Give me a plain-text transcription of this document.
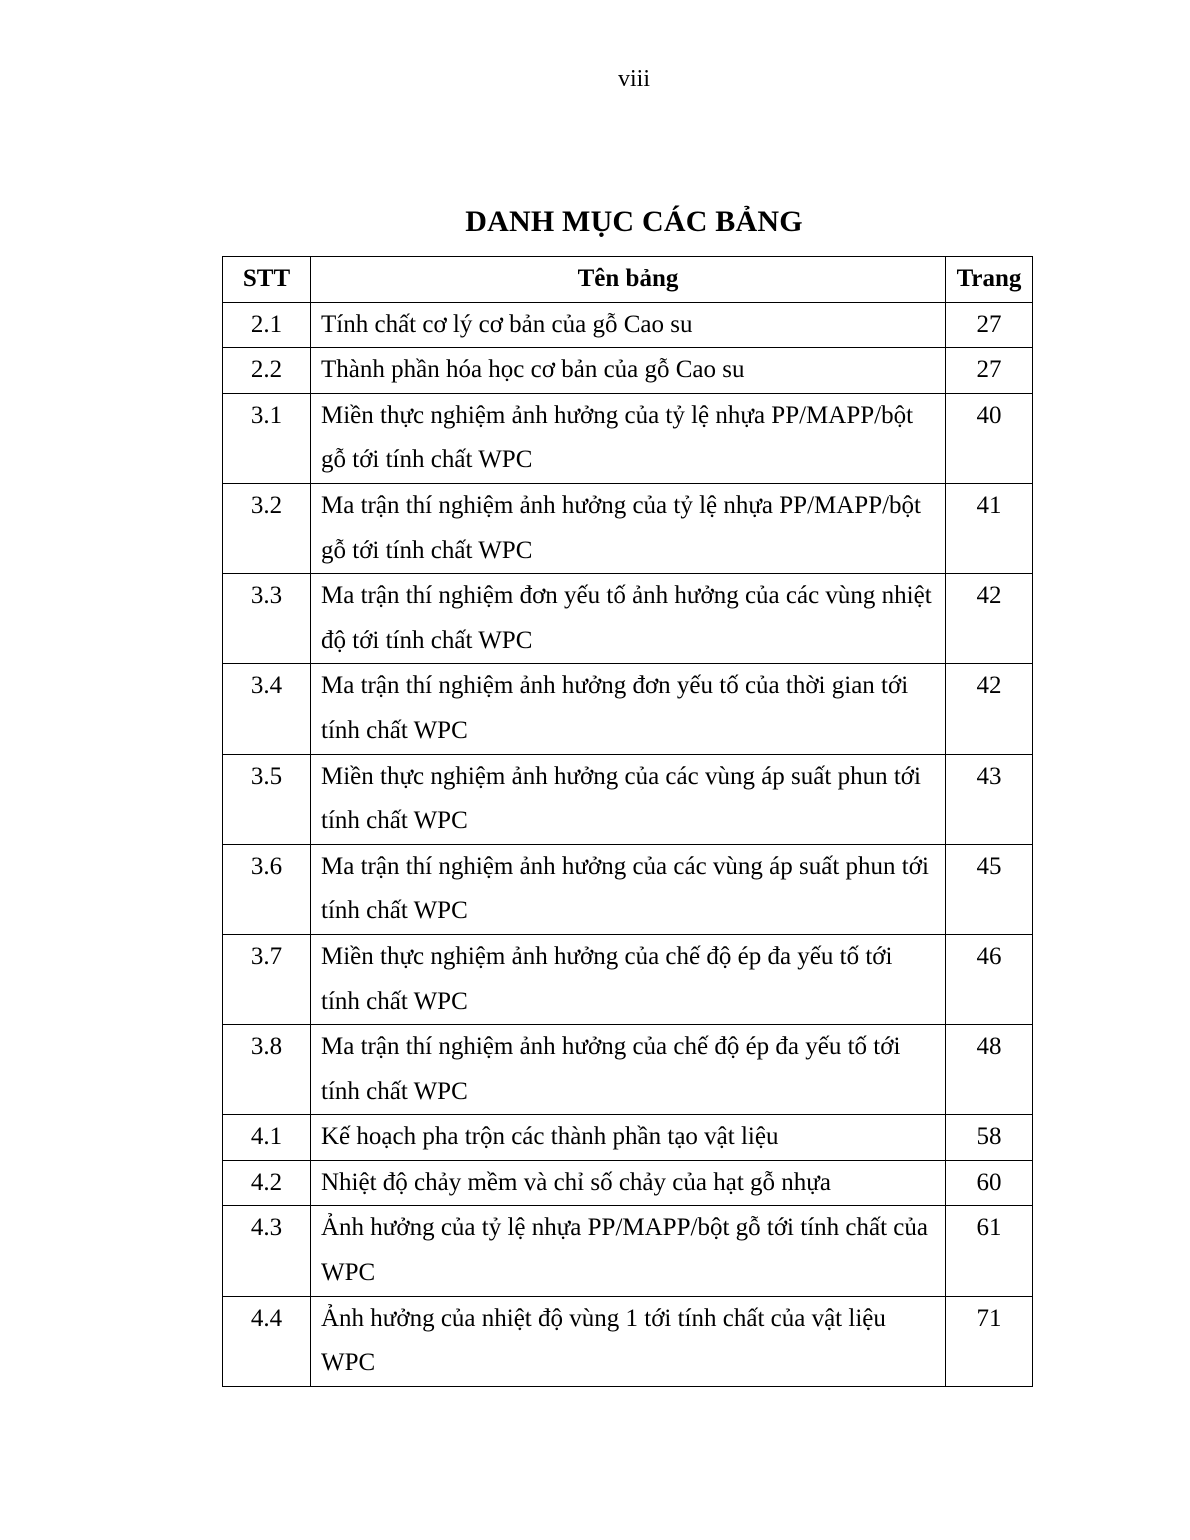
viii
DANH MỤC CÁC BẢNG
STT	Tên bảng	Trang
2.1	Tính chất cơ lý cơ bản của gỗ Cao su	27
2.2	Thành phần hóa học cơ bản của gỗ Cao su	27
3.1	Miền thực nghiệm ảnh hưởng của tỷ lệ nhựa PP/MAPP/bột gỗ tới tính chất WPC	40
3.2	Ma trận thí nghiệm ảnh hưởng của tỷ lệ nhựa PP/MAPP/bột gỗ tới tính chất WPC	41
3.3	Ma trận thí nghiệm đơn yếu tố ảnh hưởng của các vùng nhiệt độ tới tính chất WPC	42
3.4	Ma trận thí nghiệm ảnh hưởng đơn yếu tố của thời gian tới tính chất WPC	42
3.5	Miền thực nghiệm ảnh hưởng của các vùng áp suất phun tới tính chất WPC	43
3.6	Ma trận thí nghiệm ảnh hưởng của các vùng áp suất phun tới tính chất WPC	45
3.7	Miền thực nghiệm ảnh hưởng của chế độ ép đa yếu tố tới tính chất WPC	46
3.8	Ma trận thí nghiệm ảnh hưởng của chế độ ép đa yếu tố tới tính chất WPC	48
4.1	Kế hoạch pha trộn các thành phần tạo vật liệu	58
4.2	Nhiệt độ chảy mềm và chỉ số chảy của hạt gỗ nhựa	60
4.3	Ảnh hưởng của tỷ lệ nhựa PP/MAPP/bột gỗ tới tính chất của WPC	61
4.4	Ảnh hưởng của nhiệt độ vùng 1 tới tính chất của vật liệu WPC	71
